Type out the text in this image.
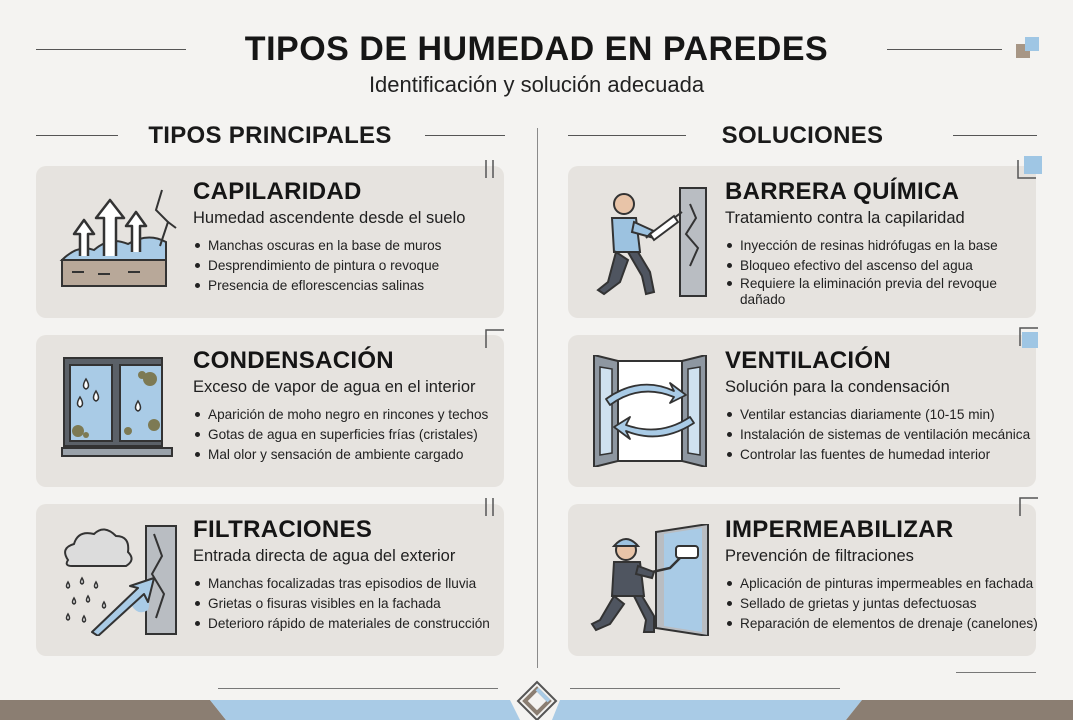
TIPOS DE HUMEDAD EN PAREDES
Identificación y solución adecuada
TIPOS PRINCIPALES	SOLUCIONES
CAPILARIDAD
Humedad ascendente desde el suelo
Manchas oscuras en la base de muros
Desprendimiento de pintura o revoque
Presencia de eflorescencias salinas
CONDENSACIÓN
Exceso de vapor de agua en el interior
Aparición de moho negro en rincones y techos
Gotas de agua en superficies frías (cristales)
Mal olor y sensación de ambiente cargado
FILTRACIONES
Entrada directa de agua del exterior
Manchas focalizadas tras episodios de lluvia
Grietas o fisuras visibles en la fachada
Deterioro rápido de materiales de construcción
BARRERA QUÍMICA
Tratamiento contra la capilaridad
Inyección de resinas hidrófugas en la base
Bloqueo efectivo del ascenso del agua
Requiere la eliminación previa del revoque dañado
VENTILACIÓN
Solución para la condensación
Ventilar estancias diariamente (10-15 min)
Instalación de sistemas de ventilación mecánica
Controlar las fuentes de humedad interior
IMPERMEABILIZAR
Prevención de filtraciones
Aplicación de pinturas impermeables en fachada
Sellado de grietas y juntas defectuosas
Reparación de elementos de drenaje (canelones)
